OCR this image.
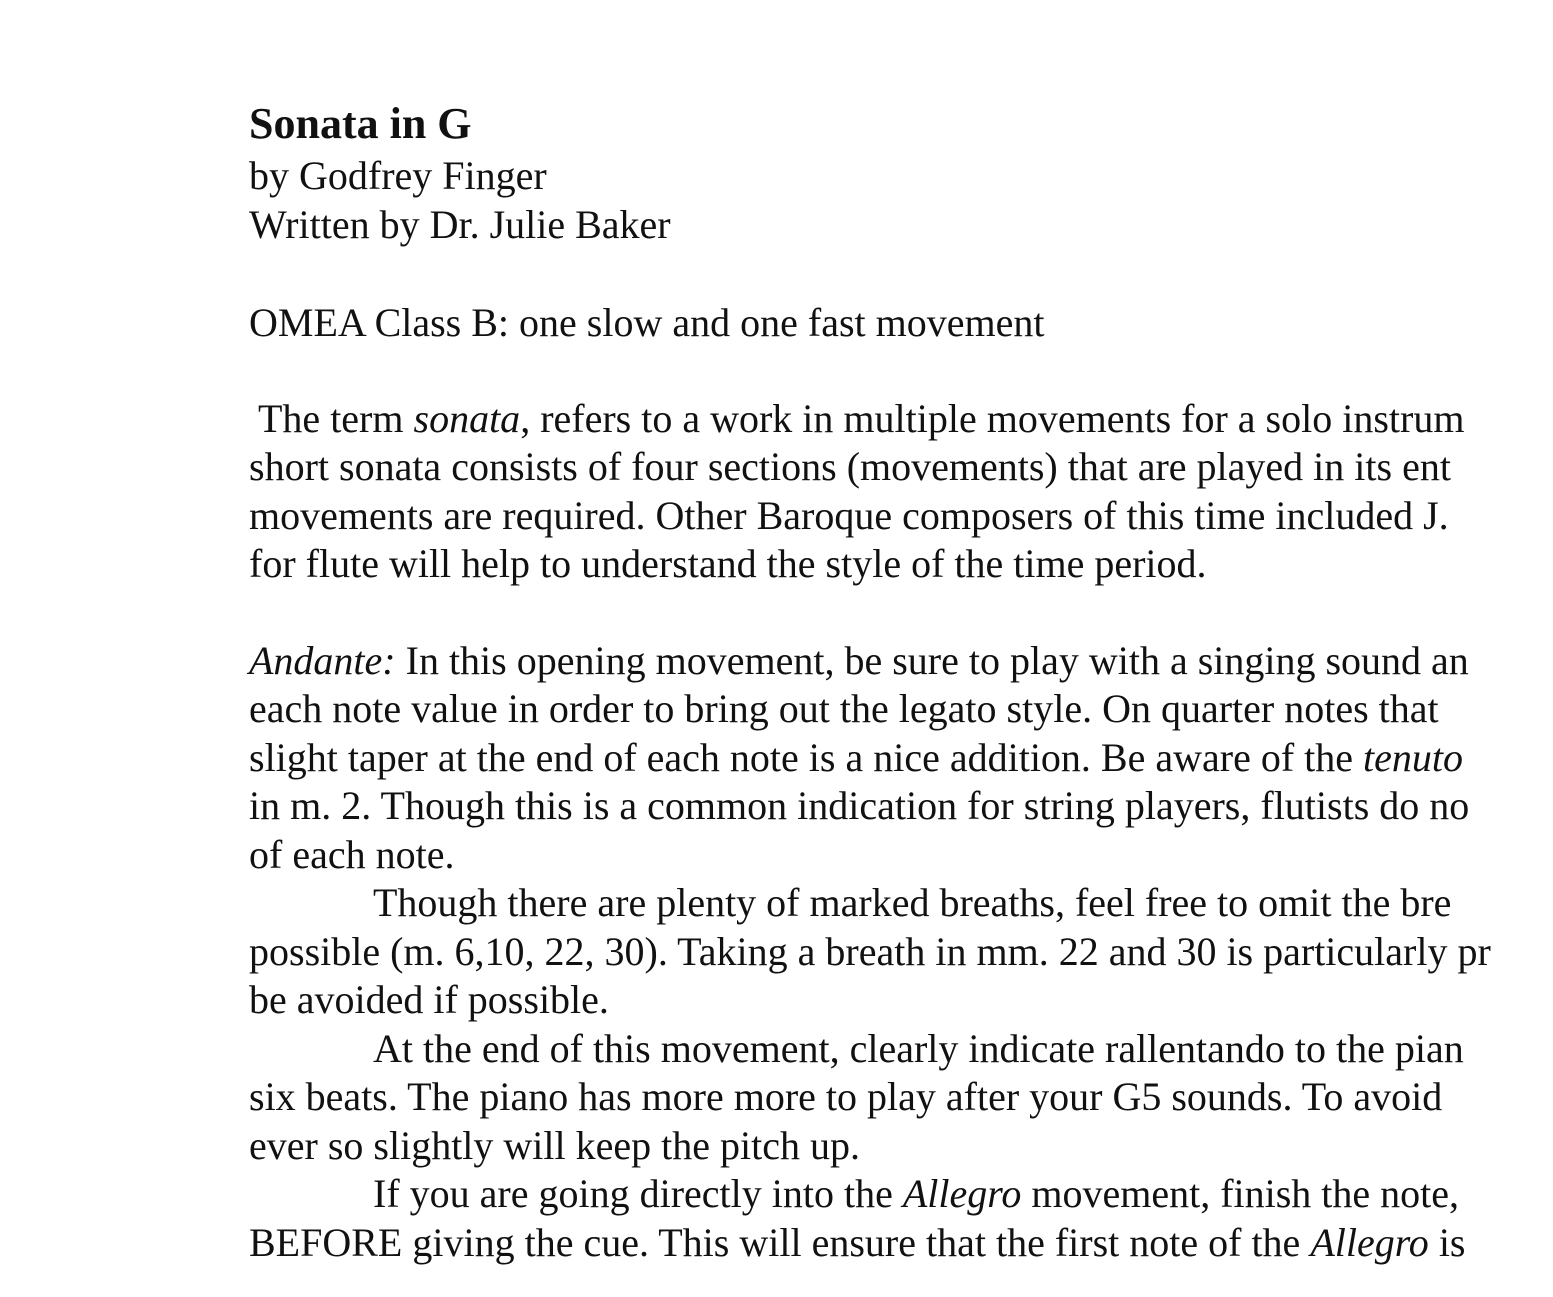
Sonata in G

by Godfrey Finger

Written by Dr. Julie Baker

OMEA Class B: one slow and one fast movement

The term sonata, refers to a work in multiple movements for a solo instrum

short sonata consists of four sections (movements) that are played in its ent

movements are required. Other Baroque composers of this time included J.

for flute will help to understand the style of the time period.

Andante: In this opening movement, be sure to play with a singing sound an

each note value in order to bring out the legato style. On quarter notes that

slight taper at the end of each note is a nice addition. Be aware of the tenuto

in m. 2. Though this is a common indication for string players, flutists do no

of each note.

Though there are plenty of marked breaths, feel free to omit the bre

possible (m. 6,10, 22, 30). Taking a breath in mm. 22 and 30 is particularly pr

be avoided if possible.

At the end of this movement, clearly indicate rallentando to the pian

six beats. The piano has more more to play after your G5 sounds. To avoid

ever so slightly will keep the pitch up.

If you are going directly into the Allegro movement, finish the note,

BEFORE giving the cue. This will ensure that the first note of the Allegro is
